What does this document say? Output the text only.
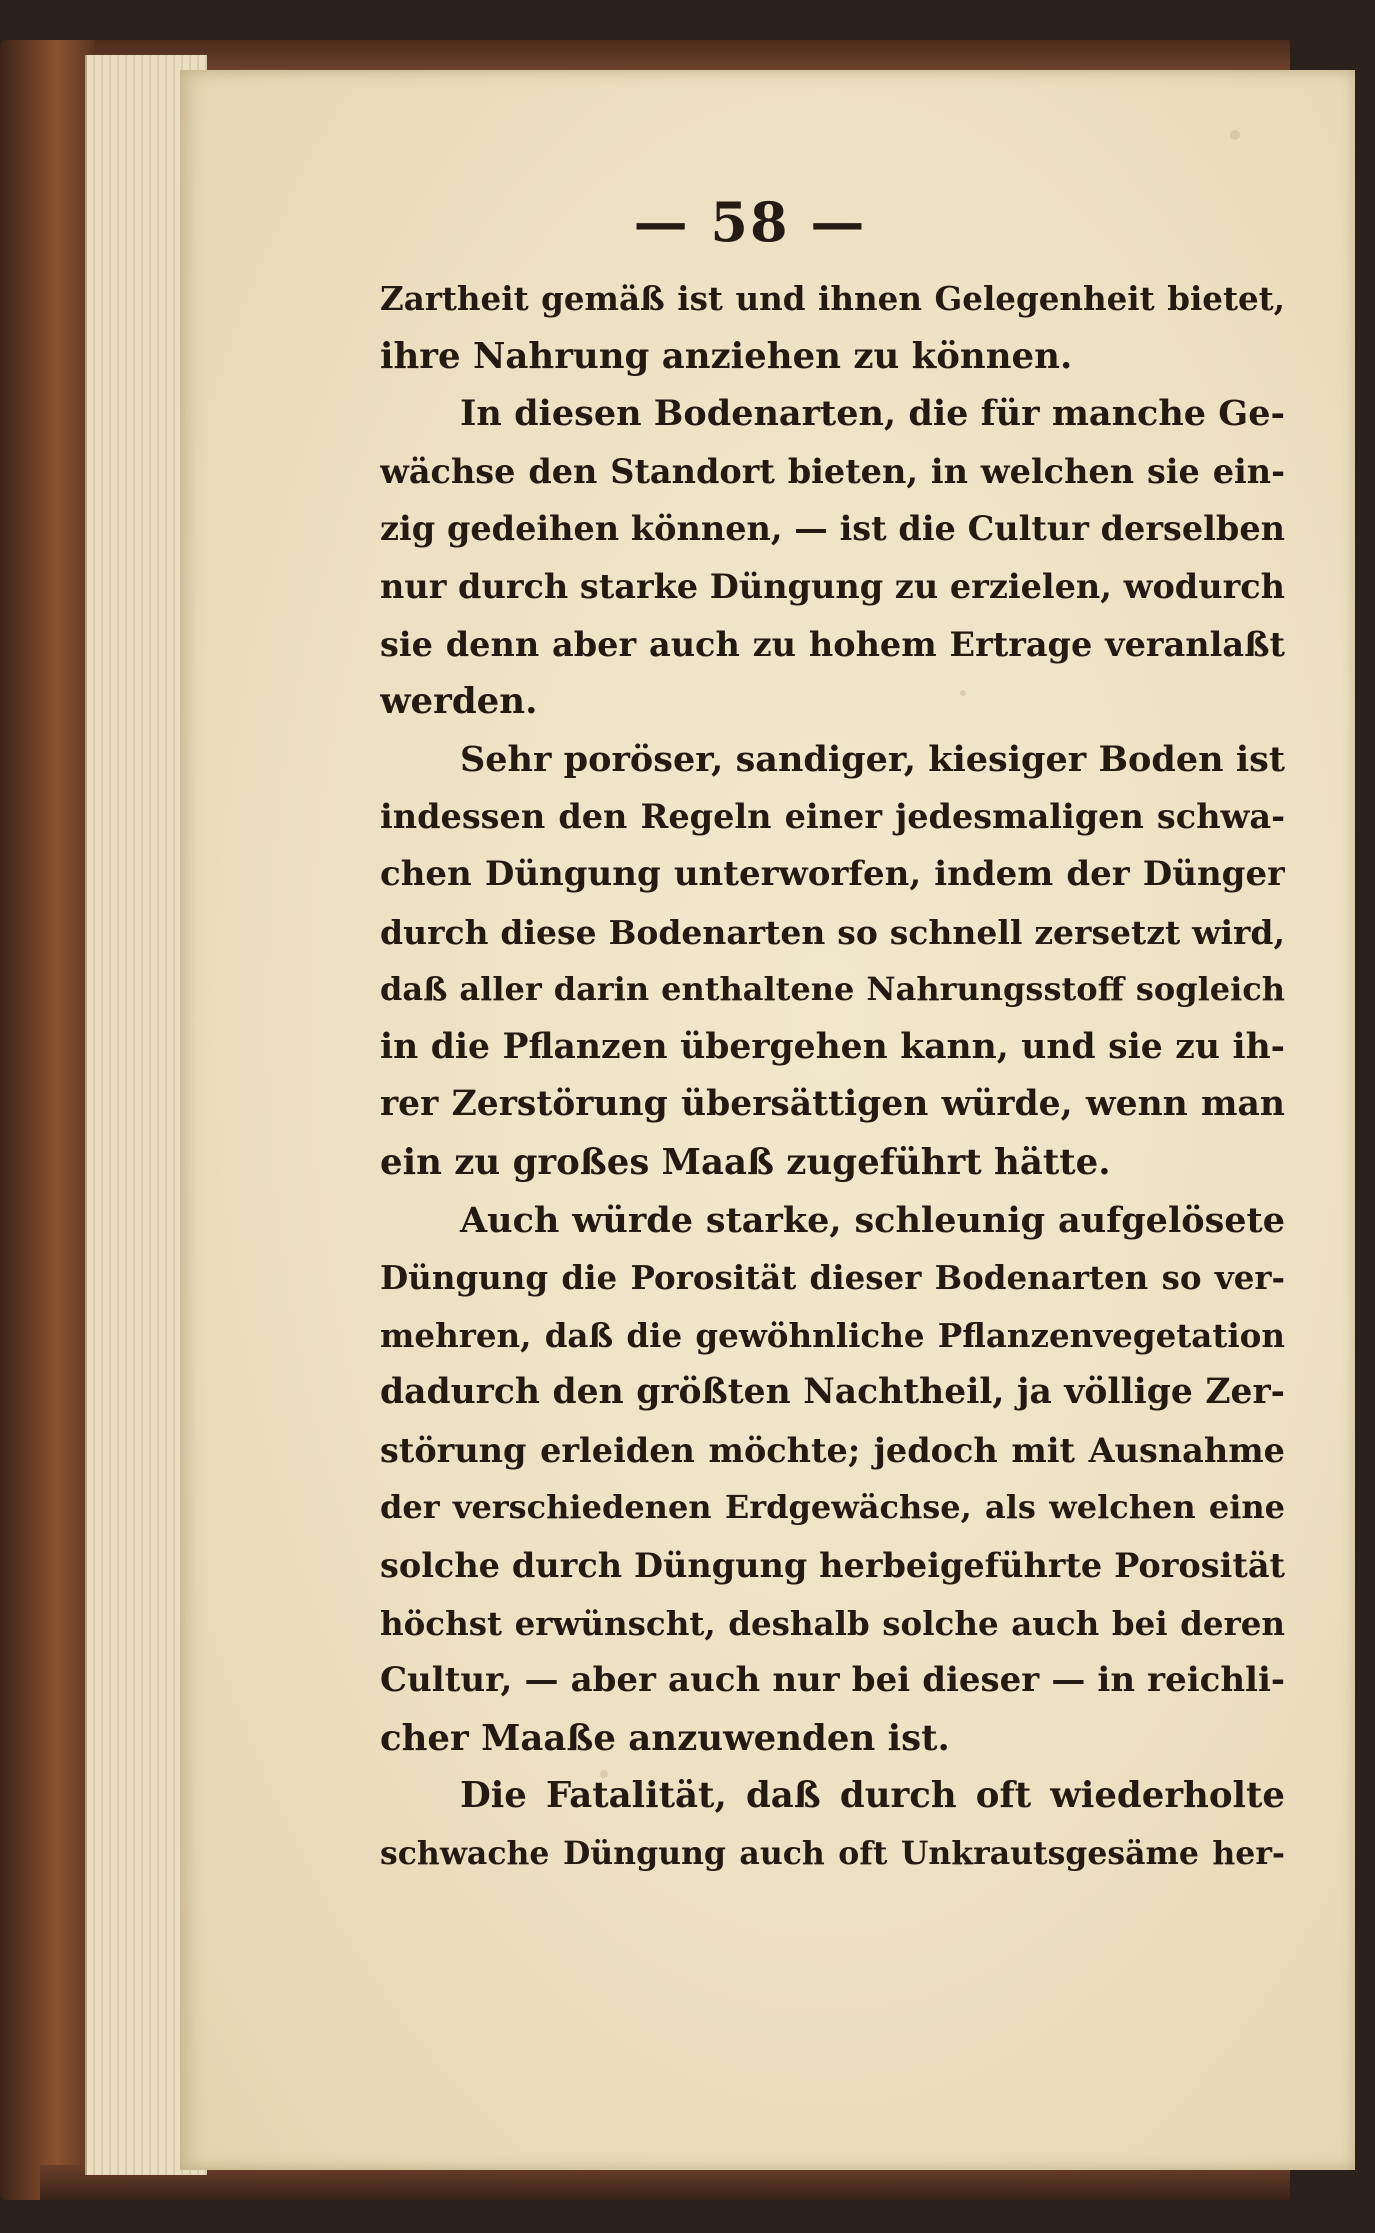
— 58 —
Zartheit gemäß ist und ihnen Gelegenheit bietet,
ihre Nahrung anziehen zu können.
In diesen Bodenarten, die für manche Ge-
wächse den Standort bieten, in welchen sie ein-
zig gedeihen können, — ist die Cultur derselben
nur durch starke Düngung zu erzielen, wodurch
sie denn aber auch zu hohem Ertrage veranlaßt
werden.
Sehr poröser, sandiger, kiesiger Boden ist
indessen den Regeln einer jedesmaligen schwa-
chen Düngung unterworfen, indem der Dünger
durch diese Bodenarten so schnell zersetzt wird,
daß aller darin enthaltene Nahrungsstoff sogleich
in die Pflanzen übergehen kann, und sie zu ih-
rer Zerstörung übersättigen würde, wenn man
ein zu großes Maaß zugeführt hätte.
Auch würde starke, schleunig aufgelösete
Düngung die Porosität dieser Bodenarten so ver-
mehren, daß die gewöhnliche Pflanzenvegetation
dadurch den größten Nachtheil, ja völlige Zer-
störung erleiden möchte; jedoch mit Ausnahme
der verschiedenen Erdgewächse, als welchen eine
solche durch Düngung herbeigeführte Porosität
höchst erwünscht, deshalb solche auch bei deren
Cultur, — aber auch nur bei dieser — in reichli-
cher Maaße anzuwenden ist.
Die Fatalität, daß durch oft wiederholte
schwache Düngung auch oft Unkrautsgesäme her-
